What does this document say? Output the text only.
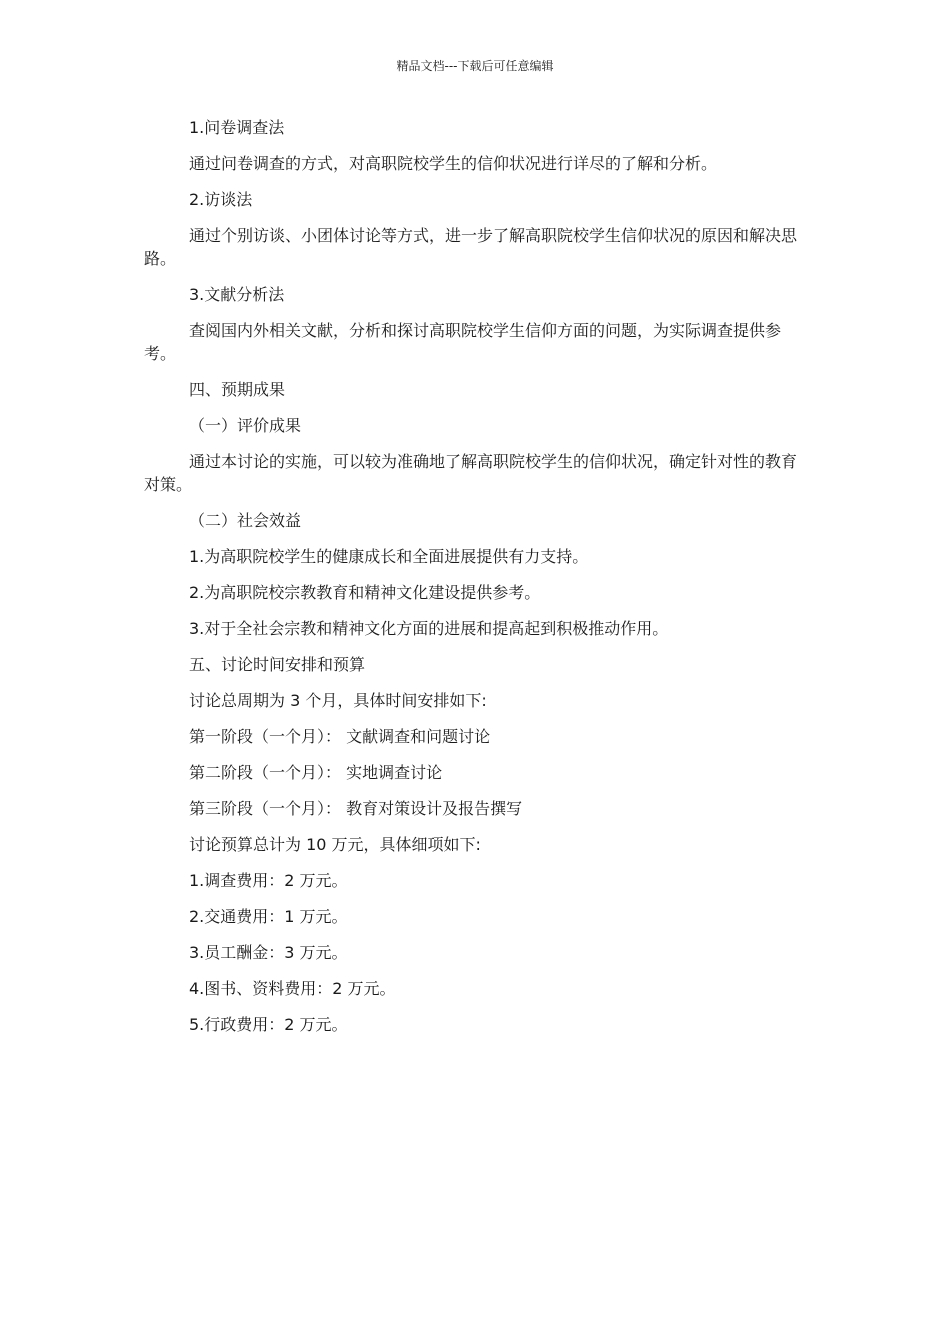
精品文档---下载后可任意编辑

1.问卷调查法

通过问卷调查的方式，对高职院校学生的信仰状况进行详尽的了解和分析。

2.访谈法

通过个别访谈、小团体讨论等方式，进一步了解高职院校学生信仰状况的原因和解决思路。

3.文献分析法

查阅国内外相关文献，分析和探讨高职院校学生信仰方面的问题，为实际调查提供参考。

四、预期成果

（一）评价成果

通过本讨论的实施，可以较为准确地了解高职院校学生的信仰状况，确定针对性的教育对策。

（二）社会效益

1.为高职院校学生的健康成长和全面进展提供有力支持。

2.为高职院校宗教教育和精神文化建设提供参考。

3.对于全社会宗教和精神文化方面的进展和提高起到积极推动作用。

五、讨论时间安排和预算

讨论总周期为 3 个月，具体时间安排如下:

第一阶段（一个月）： 文献调查和问题讨论

第二阶段（一个月）： 实地调查讨论

第三阶段（一个月）： 教育对策设计及报告撰写

讨论预算总计为 10 万元，具体细项如下:

1.调查费用：2 万元。

2.交通费用：1 万元。

3.员工酬金：3 万元。

4.图书、资料费用：2 万元。

5.行政费用：2 万元。
